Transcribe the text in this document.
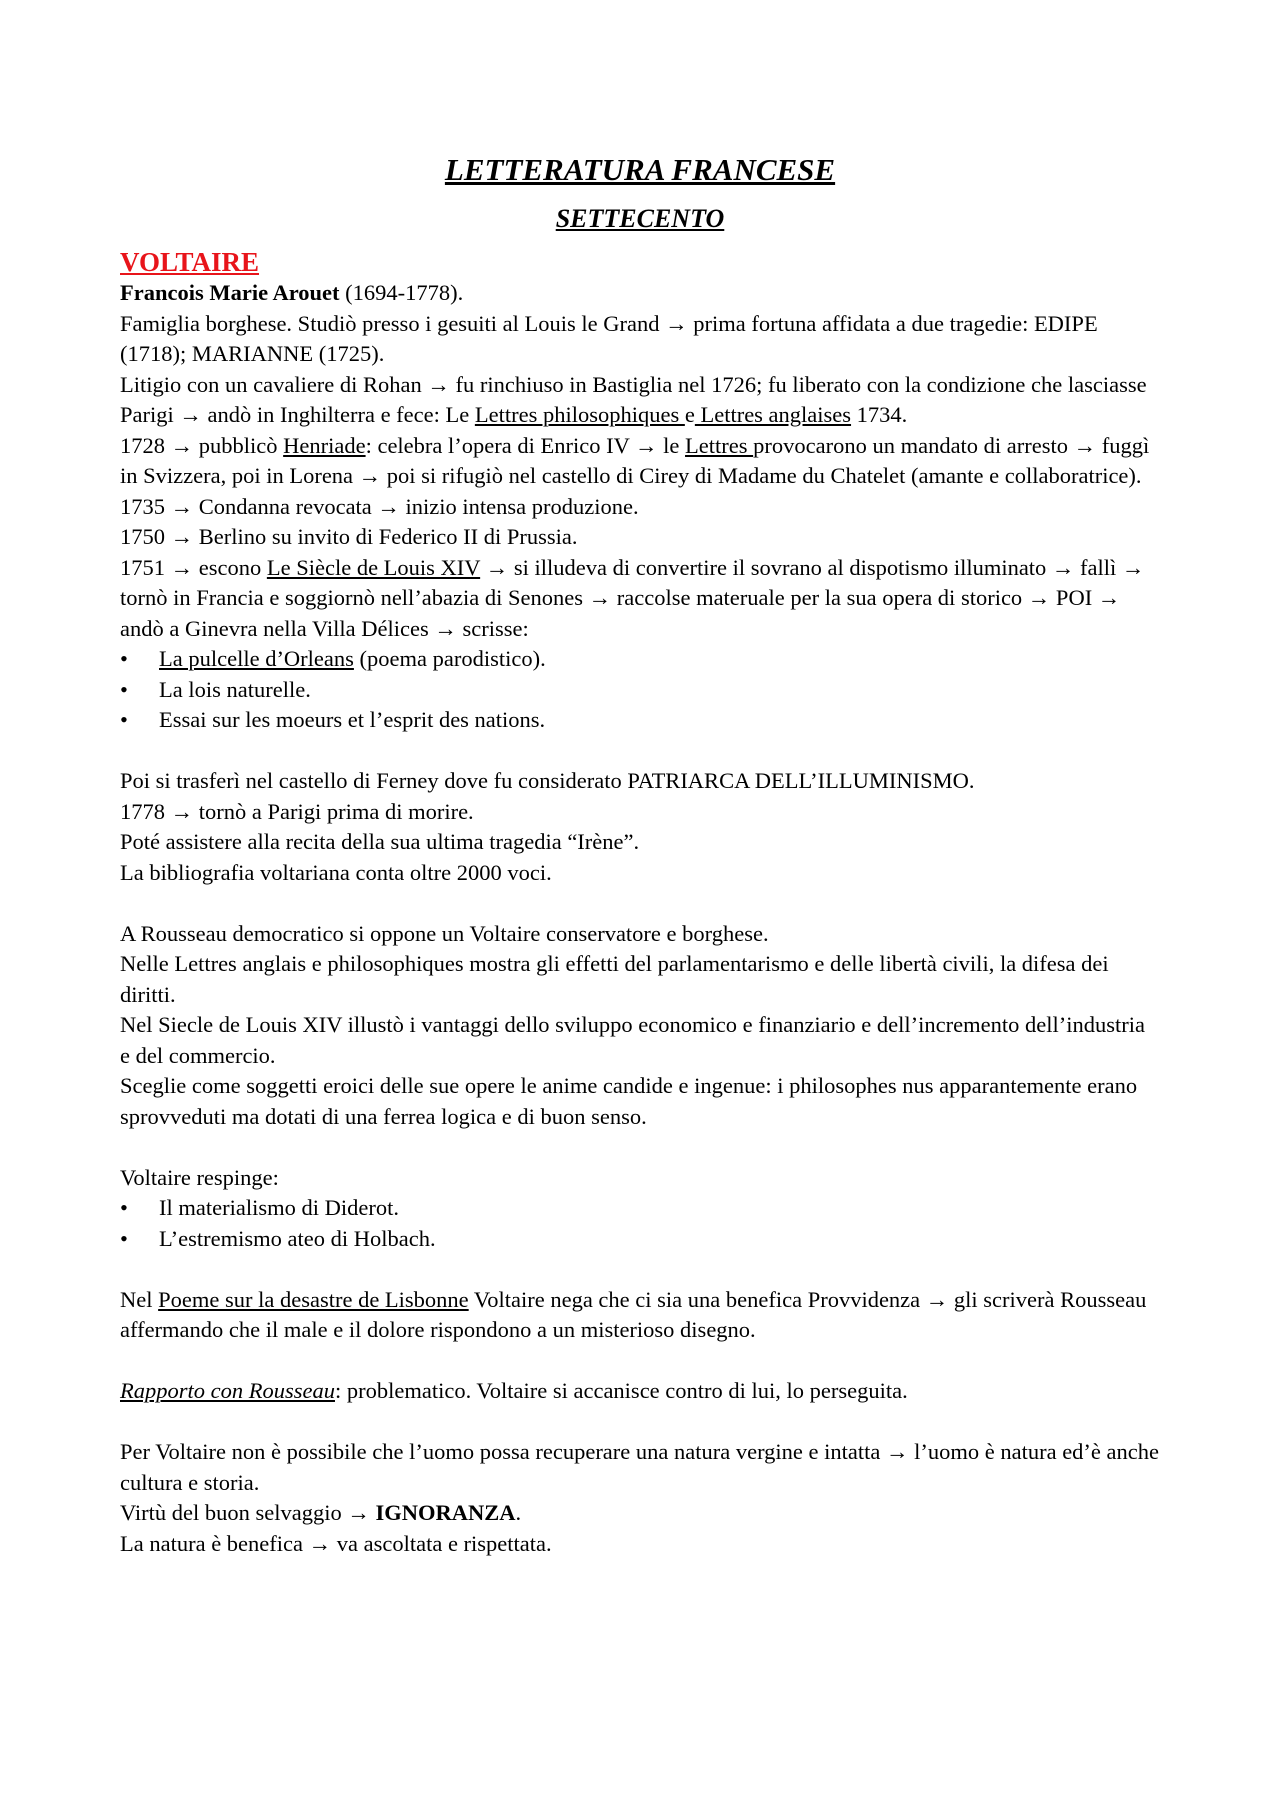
LETTERATURA FRANCESE
SETTECENTO
VOLTAIRE

Francois Marie Arouet (1694-1778).

Famiglia borghese. Studiò presso i gesuiti al Louis le Grand → prima fortuna affidata a due tragedie: EDIPE (1718); MARIANNE (1725).

Litigio con un cavaliere di Rohan → fu rinchiuso in Bastiglia nel 1726; fu liberato con la condizione che lasciasse Parigi → andò in Inghilterra e fece: Le Lettres philosophiques e Lettres anglaises 1734.

1728 → pubblicò Henriade: celebra l’opera di Enrico IV → le Lettres provocarono un mandato di arresto → fuggì in Svizzera, poi in Lorena → poi si rifugiò nel castello di Cirey di Madame du Chatelet (amante e collaboratrice).

1735 → Condanna revocata → inizio intensa produzione.

1750 → Berlino su invito di Federico II di Prussia.

1751 → escono Le Siècle de Louis XIV → si illudeva di convertire il sovrano al dispotismo illuminato → fallì → tornò in Francia e soggiornò nell’abazia di Senones → raccolse materuale per la sua opera di storico → POI → andò a Ginevra nella Villa Délices → scrisse:

• La pulcelle d’Orleans (poema parodistico).
• La lois naturelle.
• Essai sur les moeurs et l’esprit des nations.

Poi si trasferì nel castello di Ferney dove fu considerato PATRIARCA DELL’ILLUMINISMO.

1778 → tornò a Parigi prima di morire.

Poté assistere alla recita della sua ultima tragedia “Irène”.

La bibliografia voltariana conta oltre 2000 voci.

A Rousseau democratico si oppone un Voltaire conservatore e borghese.

Nelle Lettres anglais e philosophiques mostra gli effetti del parlamentarismo e delle libertà civili, la difesa dei diritti.

Nel Siecle de Louis XIV illustò i vantaggi dello sviluppo economico e finanziario e dell’incremento dell’industria e del commercio.

Sceglie come soggetti eroici delle sue opere le anime candide e ingenue: i philosophes nus apparantemente erano sprovveduti ma dotati di una ferrea logica e di buon senso.

Voltaire respinge:

• Il materialismo di Diderot.
• L’estremismo ateo di Holbach.

Nel Poeme sur la desastre de Lisbonne Voltaire nega che ci sia una benefica Provvidenza → gli scriverà Rousseau affermando che il male e il dolore rispondono a un misterioso disegno.

Rapporto con Rousseau: problematico. Voltaire si accanisce contro di lui, lo perseguita.

Per Voltaire non è possibile che l’uomo possa recuperare una natura vergine e intatta → l’uomo è natura ed’è anche cultura e storia.

Virtù del buon selvaggio → IGNORANZA.

La natura è benefica → va ascoltata e rispettata.
